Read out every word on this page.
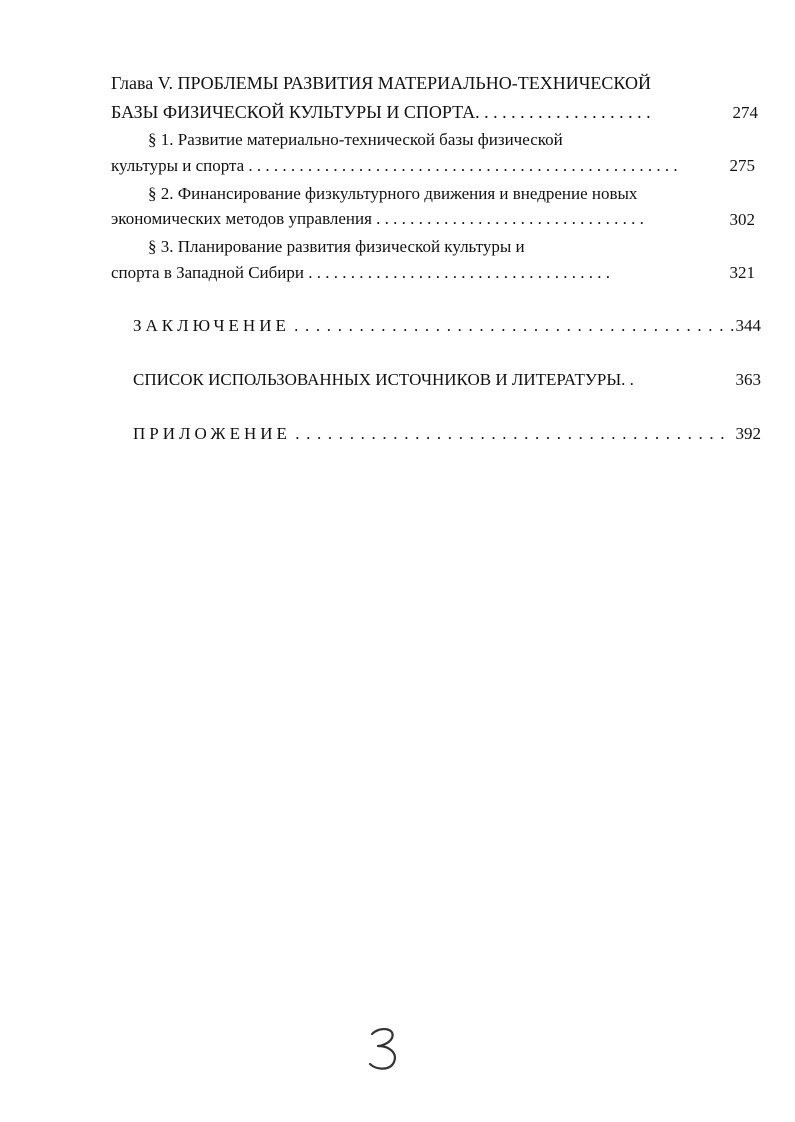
Глава V. ПРОБЛЕМЫ РАЗВИТИЯ МАТЕРИАЛЬНО-ТЕХНИЧЕСКОЙ
БАЗЫ ФИЗИЧЕСКОЙ КУЛЬТУРЫ И СПОРТА. . . . . . . . . . . . . . . . . . . .	274
§ 1. Развитие материально-технической базы физической
культуры и спорта . . . . . . . . . . . . . . . . . . . . . . . . . . . . . . . . . . . . . . . . . . . . . . . . . . .	275
§ 2. Финансирование физкультурного движения и внедрение новых
экономических методов управления . . . . . . . . . . . . . . . . . . . . . . . . . . . . . . . .	302
§ 3. Планирование развития физической культуры и
спорта в Западной Сибири . . . . . . . . . . . . . . . . . . . . . . . . . . . . . . . . . . . .	321
ЗАКЛЮЧЕНИЕ . . . . . . . . . . . . . . . . . . . . . . . . . . . . . . . . . . . . . . . . . 344
СПИСОК ИСПОЛЬЗОВАННЫХ ИСТОЧНИКОВ И ЛИТЕРАТУРЫ. .	363
ПРИЛОЖЕНИЕ . . . . . . . . . . . . . . . . . . . . . . . . . . . . . . . . . . . . . . . . 392
